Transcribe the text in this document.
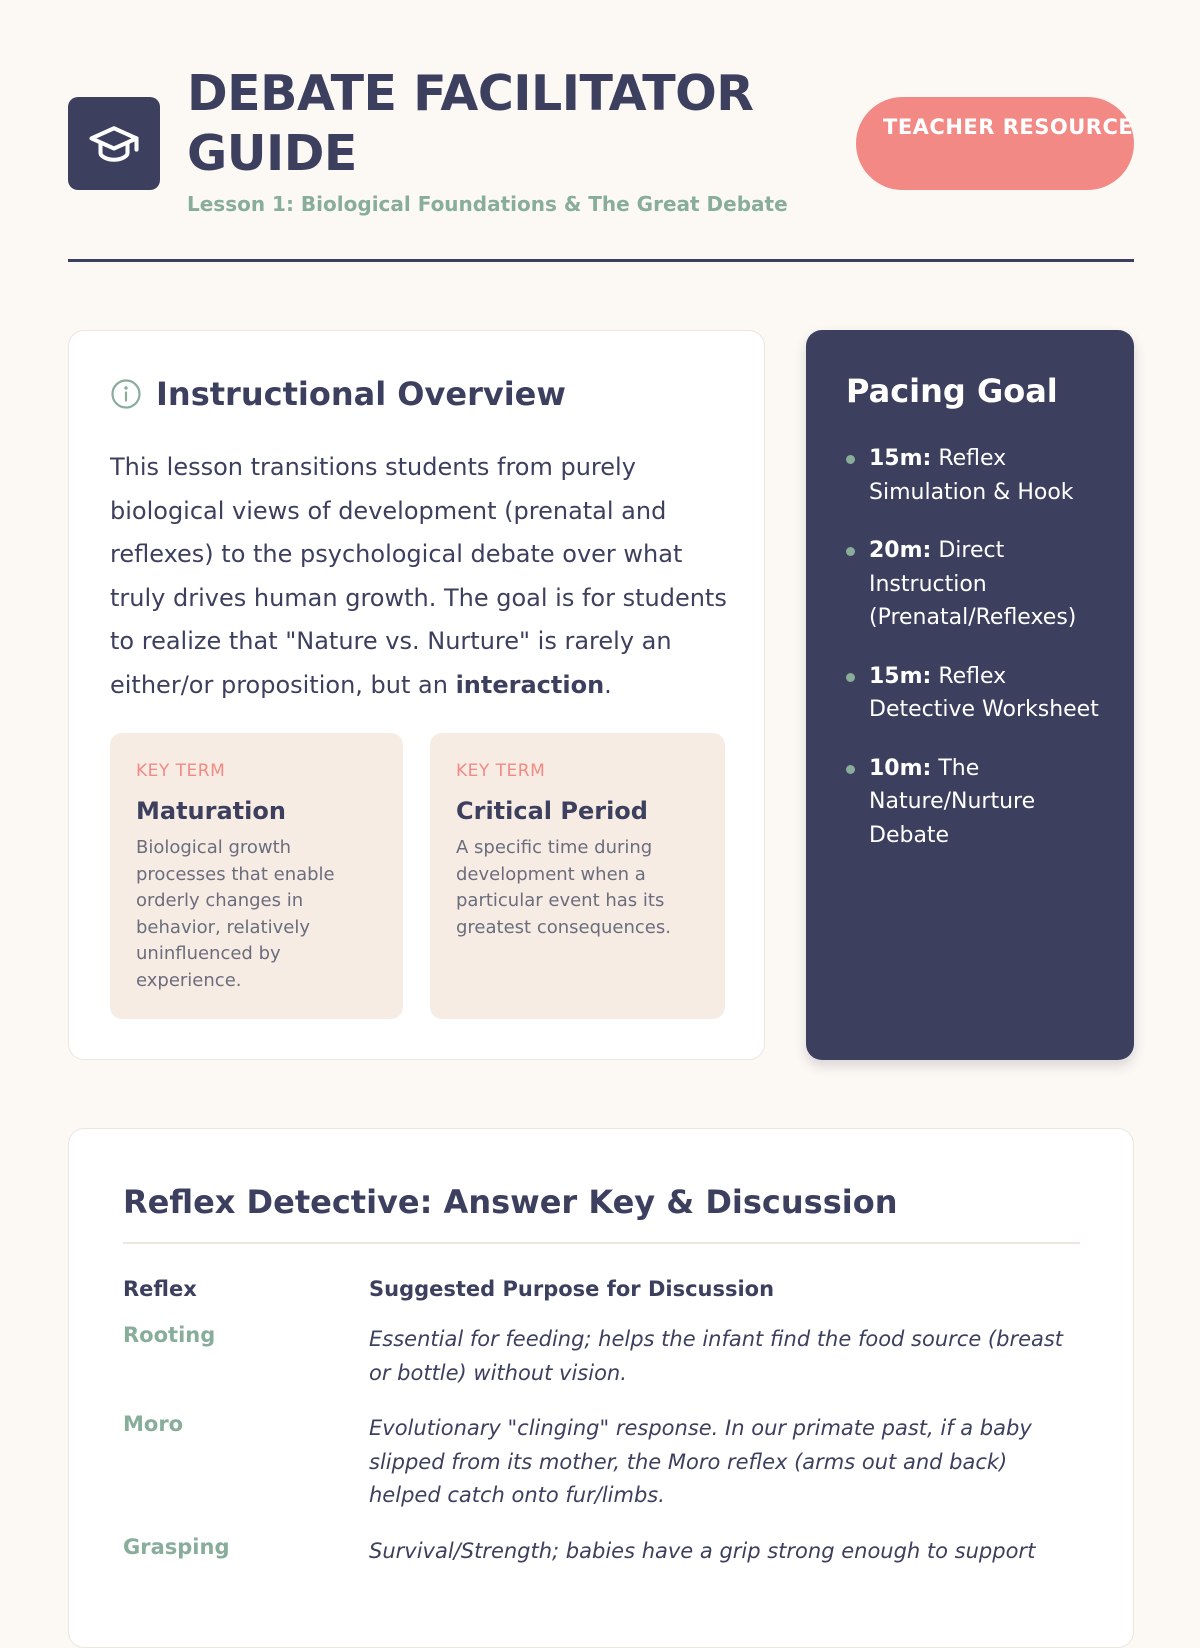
DEBATE FACILITATOR GUIDE
Lesson 1: Biological Foundations & The Great Debate
TEACHER RESOURCE
Instructional Overview

This lesson transitions students from purely biological views of development (prenatal and reflexes) to the psychological debate over what truly drives human growth. The goal is for students to realize that "Nature vs. Nurture" is rarely an either/or proposition, but an interaction.

KEY TERM
Maturation
Biological growth processes that enable orderly changes in behavior, relatively uninfluenced by experience.
KEY TERM
Critical Period
A specific time during development when a particular event has its greatest consequences.
Pacing Goal
15m: Reflex Simulation & Hook
20m: Direct Instruction (Prenatal/Reflexes)
15m: Reflex Detective Worksheet
10m: The Nature/Nurture Debate
Reflex Detective: Answer Key & Discussion
Reflex	Suggested Purpose for Discussion
Rooting	Essential for feeding; helps the infant find the food source (breast or bottle) without vision.
Moro	Evolutionary "clinging" response. In our primate past, if a baby slipped from its mother, the Moro reflex (arms out and back) helped catch onto fur/limbs.
Grasping	Survival/Strength; babies have a grip strong enough to support
